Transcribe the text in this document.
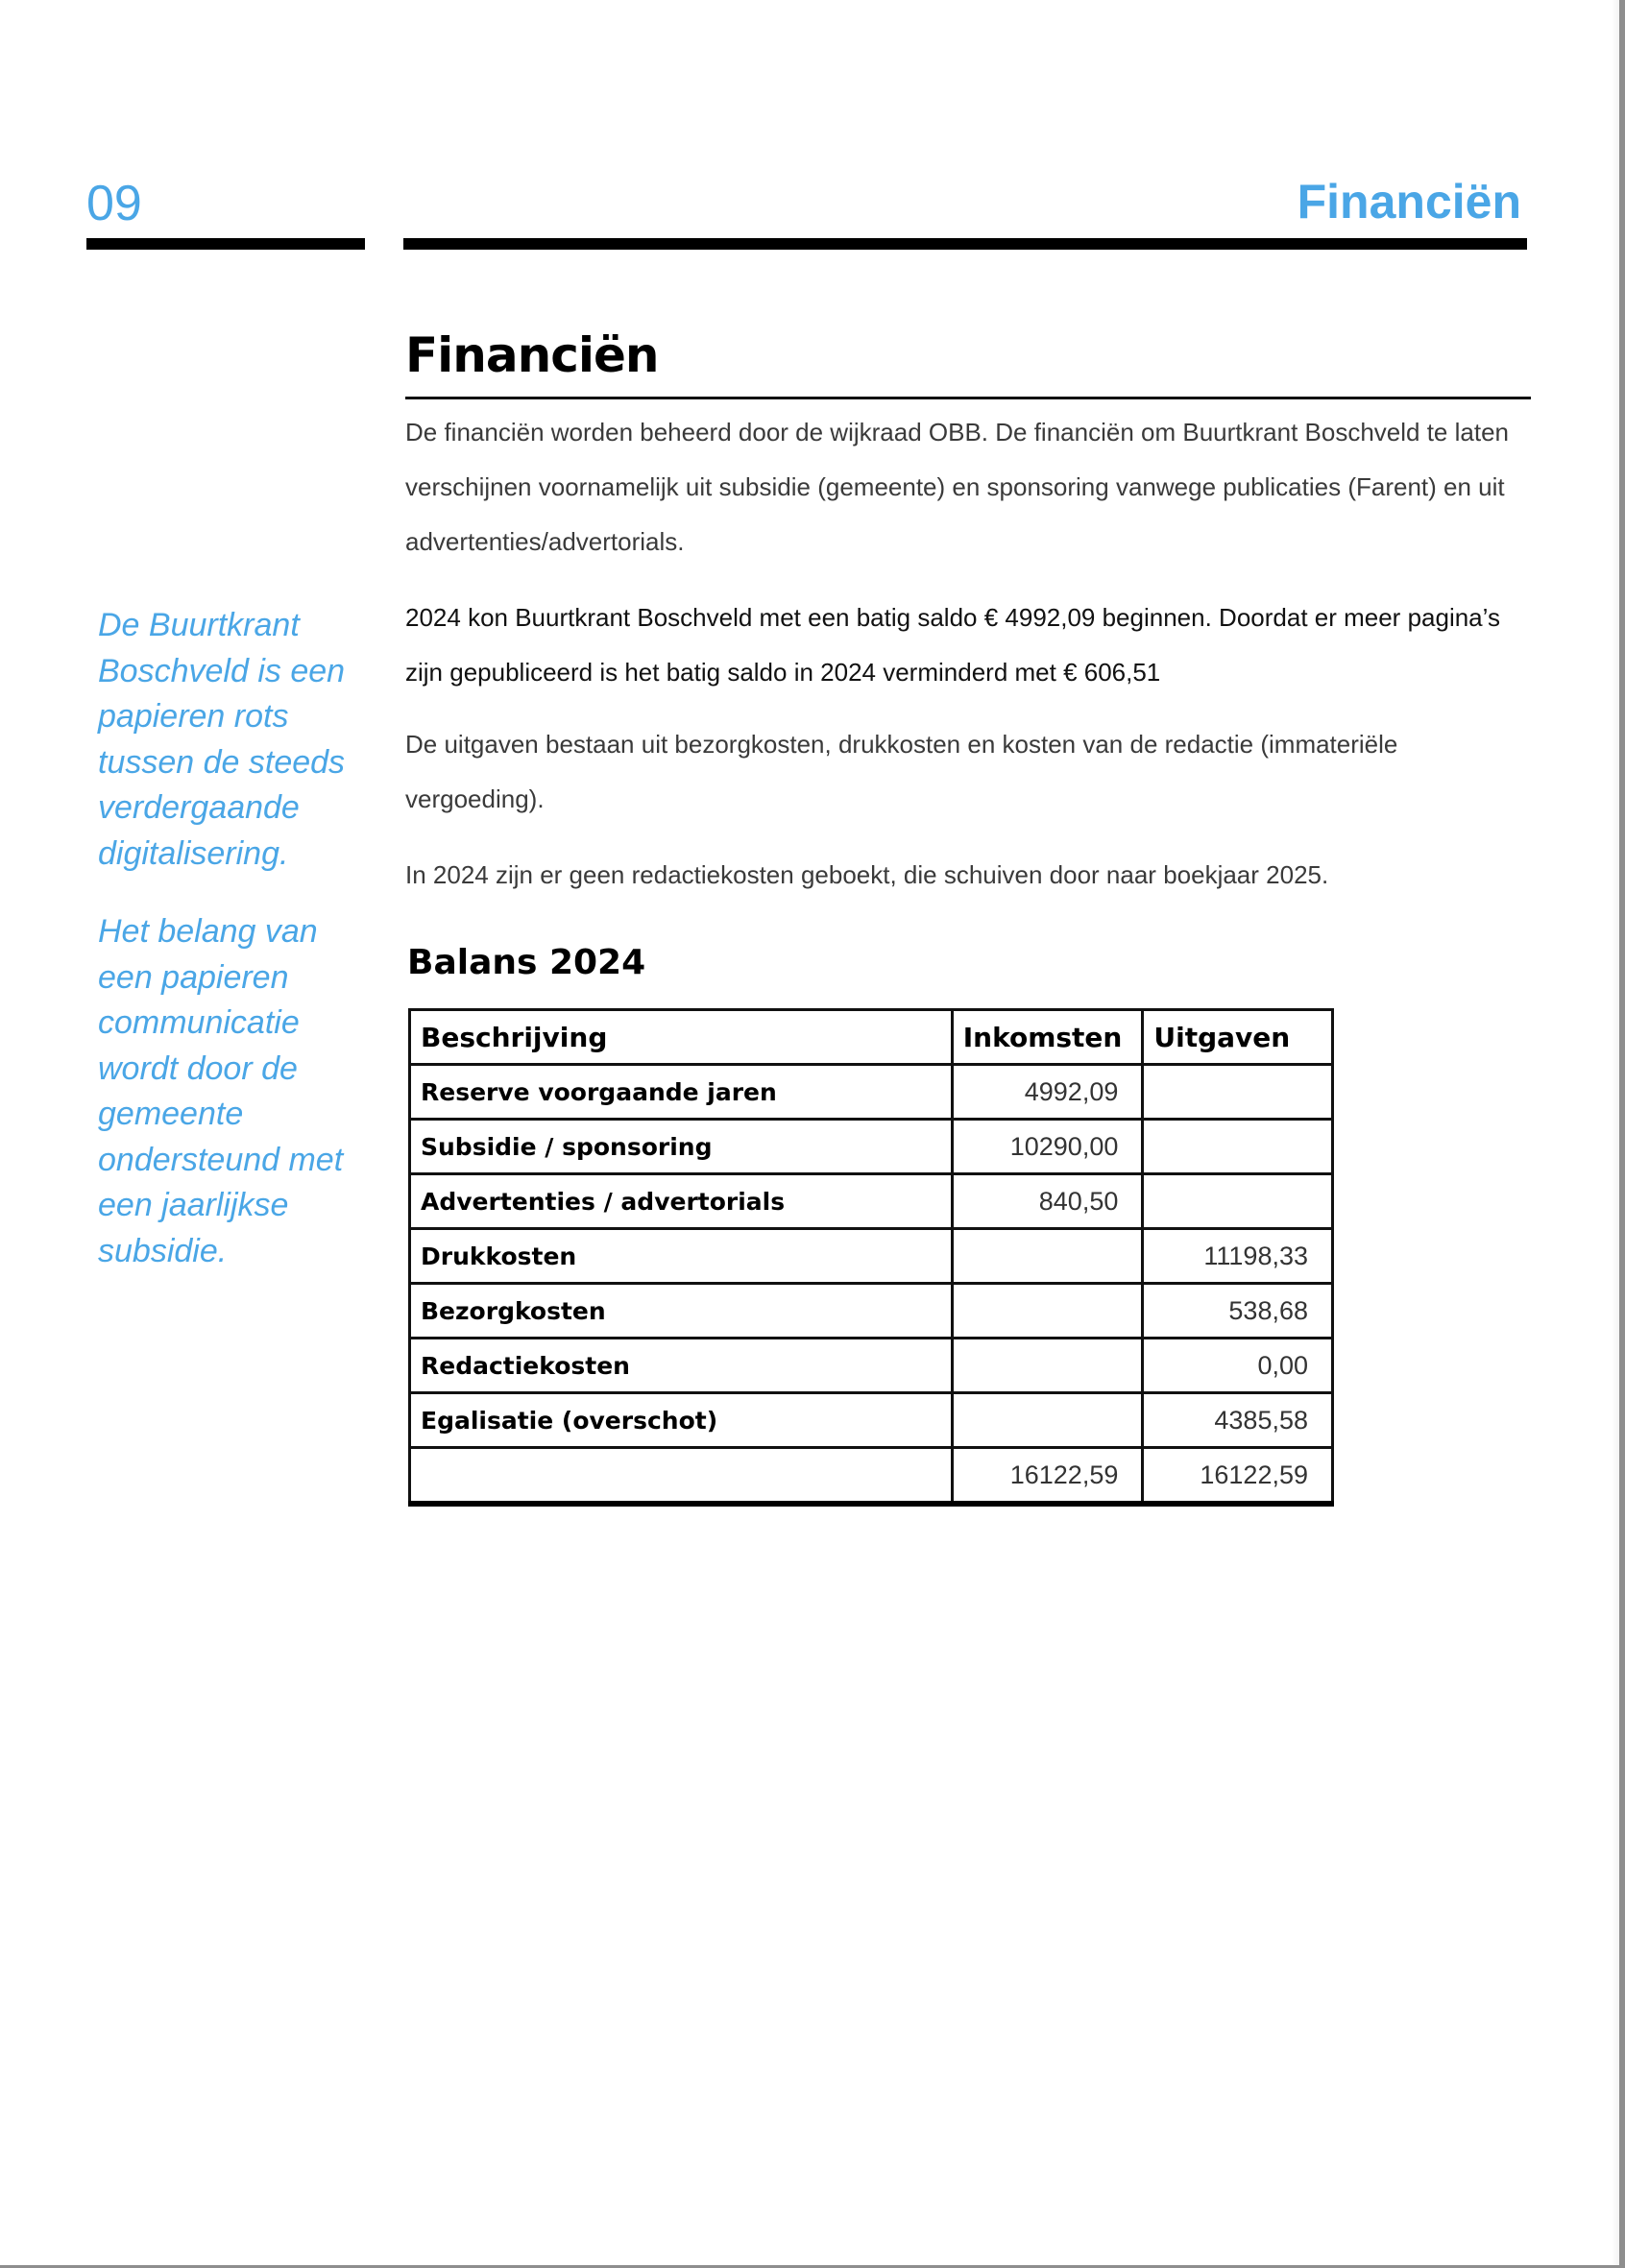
09	Financiën

De Buurtkrant Boschveld is een papieren rots tussen de steeds verdergaande digitalisering.

Het belang van een papieren communicatie wordt door de gemeente ondersteund met een jaarlijkse subsidie.

Financiën

De financiën worden beheerd door de wijkraad OBB. De financiën om Buurtkrant Boschveld te laten verschijnen voornamelijk uit subsidie (gemeente) en sponsoring vanwege publicaties (Farent) en uit advertenties/advertorials.

2024 kon Buurtkrant Boschveld met een batig saldo € 4992,09 beginnen. Doordat er meer pagina’s zijn gepubliceerd is het batig saldo in 2024 verminderd met € 606,51

De uitgaven bestaan uit bezorgkosten, drukkosten en kosten van de redactie (immateriële vergoeding).

In 2024 zijn er geen redactiekosten geboekt, die schuiven door naar boekjaar 2025.

Balans 2024
Beschrijving	Inkomsten	Uitgaven
Reserve voorgaande jaren	4992,09	
Subsidie / sponsoring	10290,00	
Advertenties / advertorials	840,50	
Drukkosten		11198,33
Bezorgkosten		538,68
Redactiekosten		0,00
Egalisatie (overschot)		4385,58
	16122,59	16122,59
